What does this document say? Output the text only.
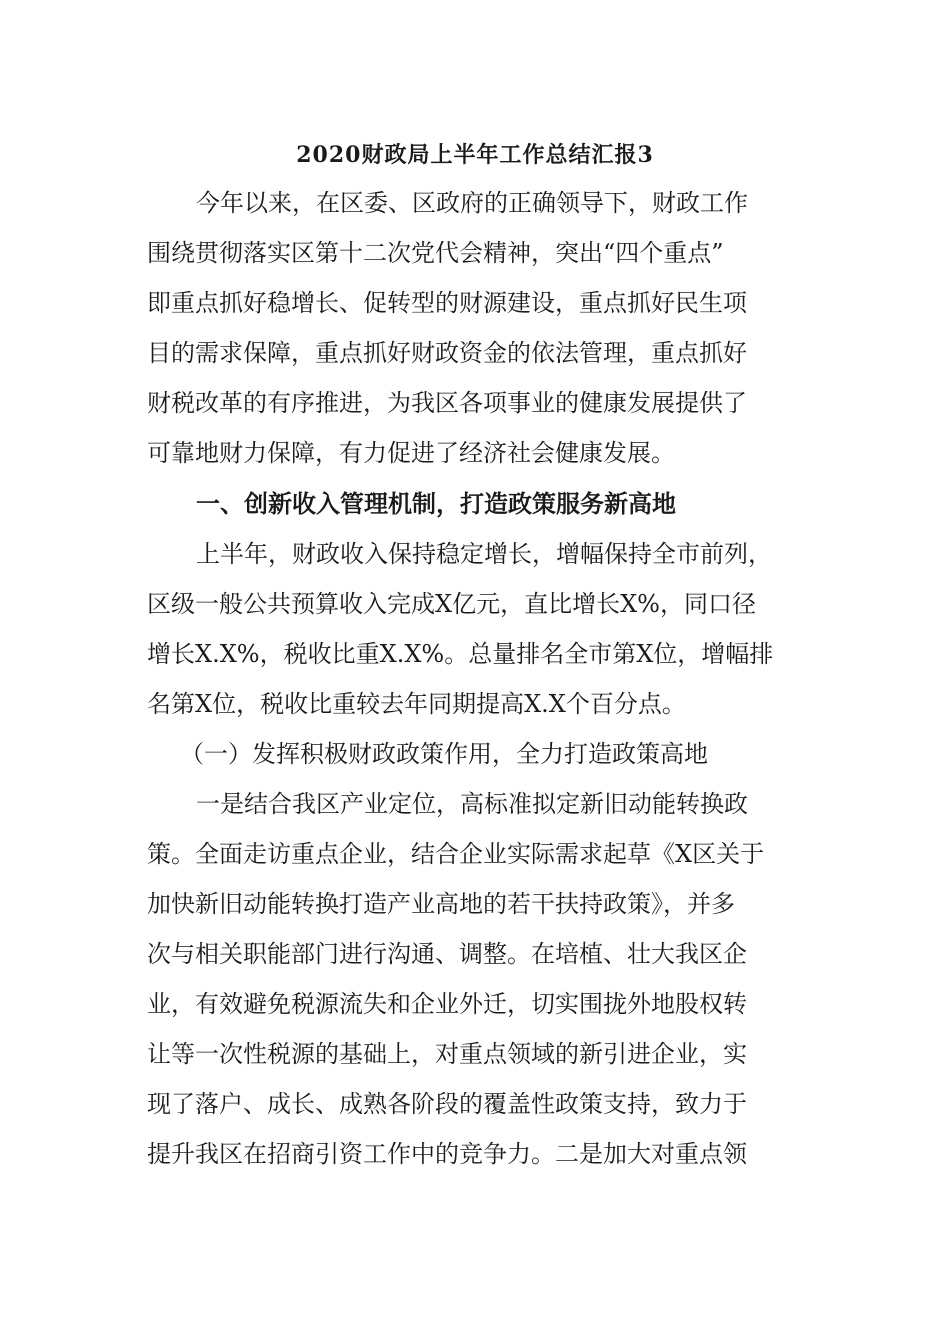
2020财政局上半年工作总结汇报3
今年以来，在区委、区政府的正确领导下，财政工作
围绕贯彻落实区第十二次党代会精神，突出“四个重点”
即重点抓好稳增长、促转型的财源建设，重点抓好民生项
目的需求保障，重点抓好财政资金的依法管理，重点抓好
财税改革的有序推进，为我区各项事业的健康发展提供了
可靠地财力保障，有力促进了经济社会健康发展。
一、创新收入管理机制，打造政策服务新高地
上半年，财政收入保持稳定增长，增幅保持全市前列，
区级一般公共预算收入完成X亿元，直比增长X%，同口径
增长X.X%，税收比重X.X%。总量排名全市第X位，增幅排
名第X位，税收比重较去年同期提高X.X个百分点。
（一）发挥积极财政政策作用，全力打造政策高地
一是结合我区产业定位，高标准拟定新旧动能转换政
策。全面走访重点企业，结合企业实际需求起草《X区关于
加快新旧动能转换打造产业高地的若干扶持政策》，并多
次与相关职能部门进行沟通、调整。在培植、壮大我区企
业，有效避免税源流失和企业外迁，切实围拢外地股权转
让等一次性税源的基础上，对重点领域的新引进企业，实
现了落户、成长、成熟各阶段的覆盖性政策支持，致力于
提升我区在招商引资工作中的竞争力。二是加大对重点领
